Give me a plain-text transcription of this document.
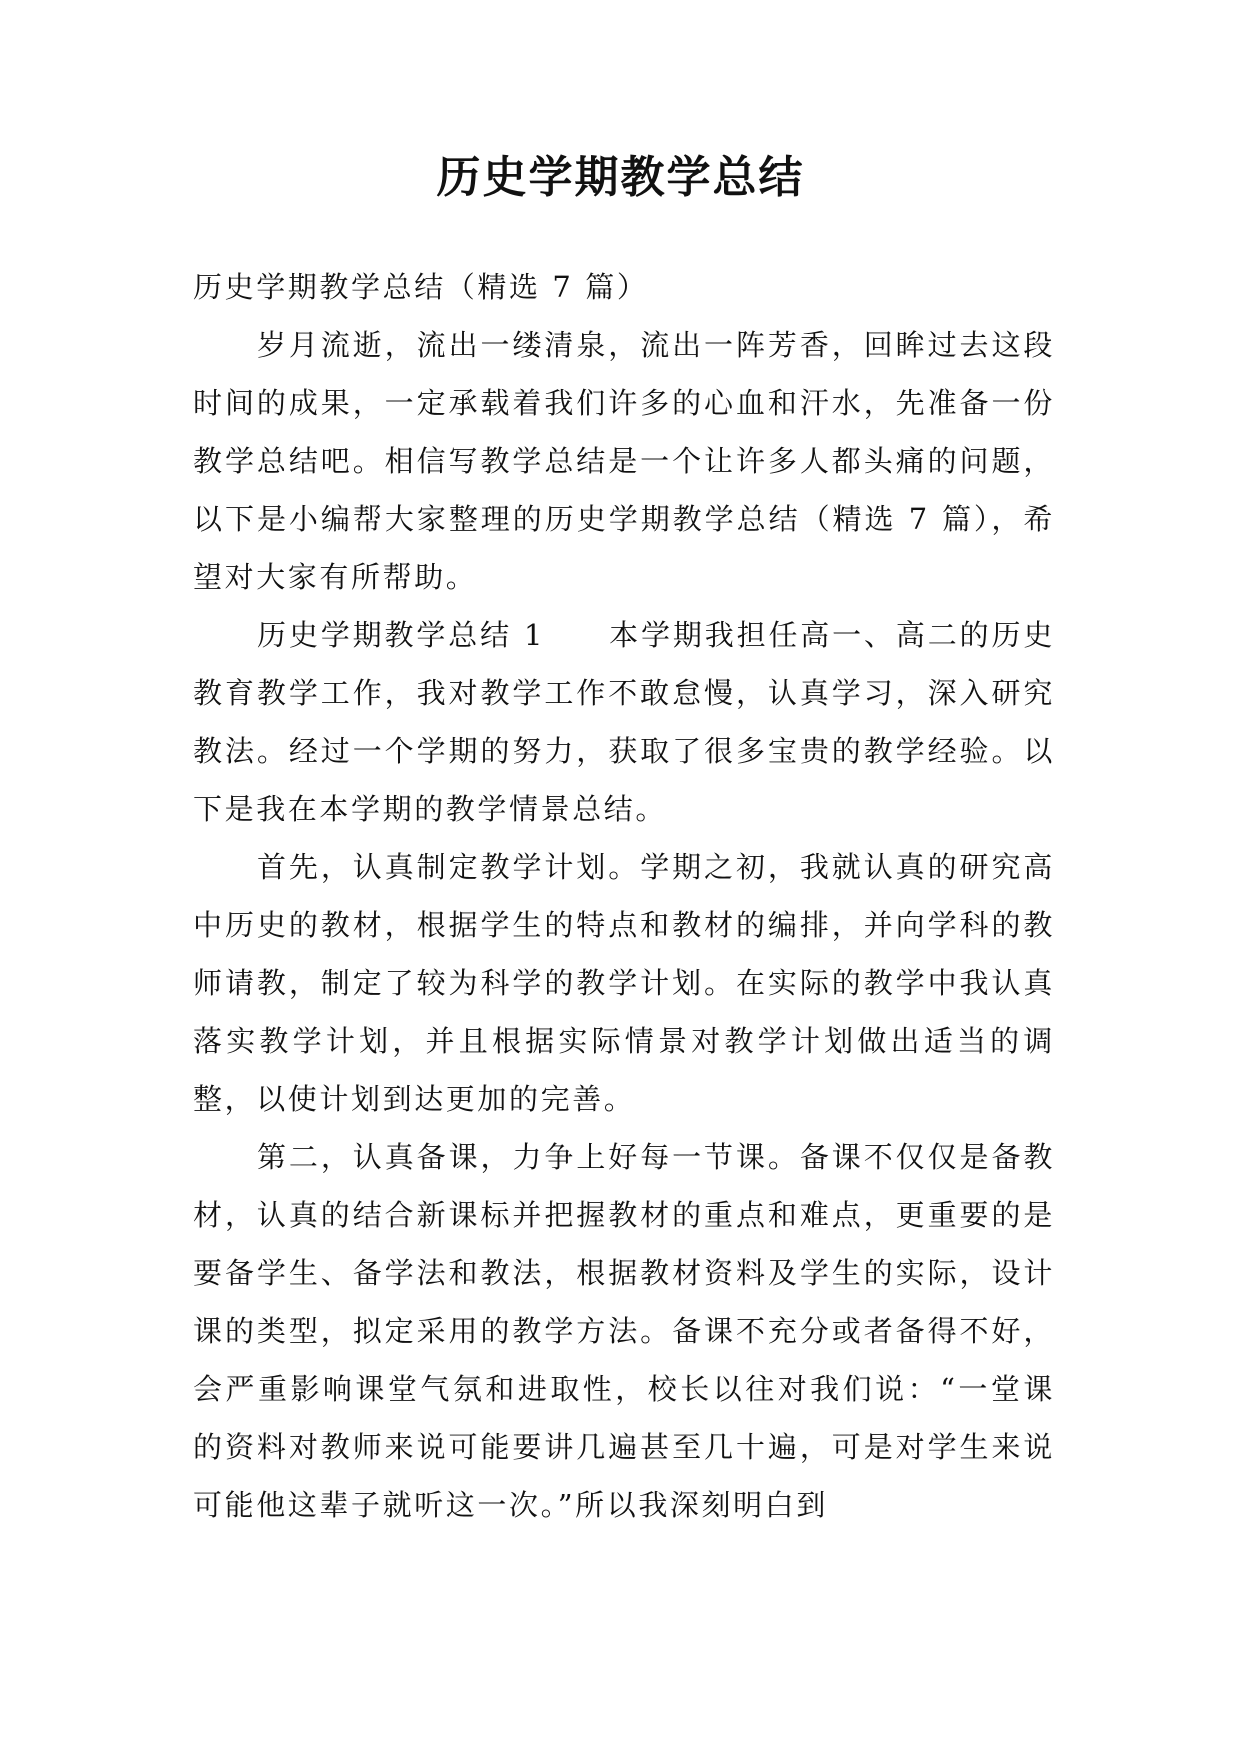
历史学期教学总结

历史学期教学总结（精选 7 篇）

岁月流逝，流出一缕清泉，流出一阵芳香，回眸过去这段时间的成果，一定承载着我们许多的心血和汗水，先准备一份教学总结吧。相信写教学总结是一个让许多人都头痛的问题，以下是小编帮大家整理的历史学期教学总结（精选 7 篇），希望对大家有所帮助。

历史学期教学总结 1　　本学期我担任高一、高二的历史教育教学工作，我对教学工作不敢怠慢，认真学习，深入研究教法。经过一个学期的努力，获取了很多宝贵的教学经验。以下是我在本学期的教学情景总结。

首先，认真制定教学计划。学期之初，我就认真的研究高中历史的教材，根据学生的特点和教材的编排，并向学科的教师请教，制定了较为科学的教学计划。在实际的教学中我认真落实教学计划，并且根据实际情景对教学计划做出适当的调整，以使计划到达更加的完善。

第二，认真备课，力争上好每一节课。备课不仅仅是备教材，认真的结合新课标并把握教材的重点和难点，更重要的是要备学生、备学法和教法，根据教材资料及学生的实际，设计课的类型，拟定采用的教学方法。备课不充分或者备得不好，会严重影响课堂气氛和进取性，校长以往对我们说：“一堂课的资料对教师来说可能要讲几遍甚至几十遍，可是对学生来说可能他这辈子就听这一次。”所以我深刻明白到
